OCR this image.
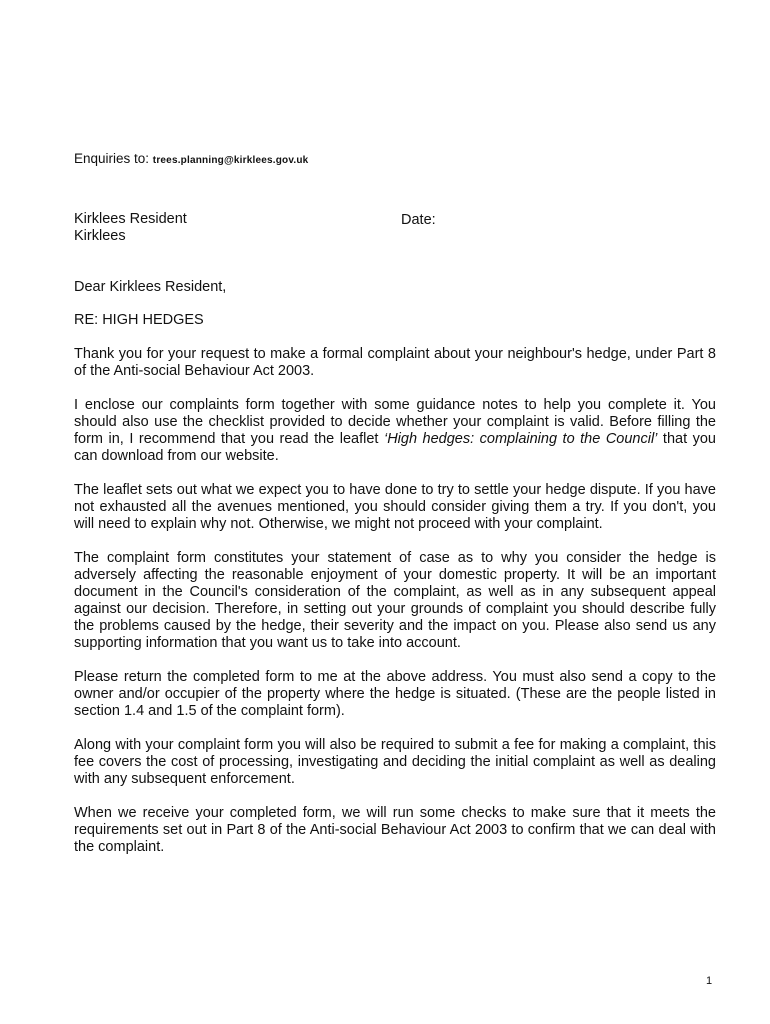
Enquiries to: trees.planning@kirklees.gov.uk
Kirklees Resident
Kirklees
Date:
Dear Kirklees Resident,
RE: HIGH HEDGES

Thank you for your request to make a formal complaint about your neighbour's hedge, under Part 8 of the Anti-social Behaviour Act 2003.

I enclose our complaints form together with some guidance notes to help you complete it. You should also use the checklist provided to decide whether your complaint is valid. Before filling the form in, I recommend that you read the leaflet ‘High hedges: complaining to the Council’ that you can download from our website.

The leaflet sets out what we expect you to have done to try to settle your hedge dispute. If you have not exhausted all the avenues mentioned, you should consider giving them a try. If you don't, you will need to explain why not. Otherwise, we might not proceed with your complaint.

The complaint form constitutes your statement of case as to why you consider the hedge is adversely affecting the reasonable enjoyment of your domestic property. It will be an important document in the Council's consideration of the complaint, as well as in any subsequent appeal against our decision. Therefore, in setting out your grounds of complaint you should describe fully the problems caused by the hedge, their severity and the impact on you. Please also send us any supporting information that you want us to take into account.

Please return the completed form to me at the above address. You must also send a copy to the owner and/or occupier of the property where the hedge is situated. (These are the people listed in section 1.4 and 1.5 of the complaint form).

Along with your complaint form you will also be required to submit a fee for making a complaint, this fee covers the cost of processing, investigating and deciding the initial complaint as well as dealing with any subsequent enforcement.

When we receive your completed form, we will run some checks to make sure that it meets the requirements set out in Part 8 of the Anti-social Behaviour Act 2003 to confirm that we can deal with the complaint.

1
